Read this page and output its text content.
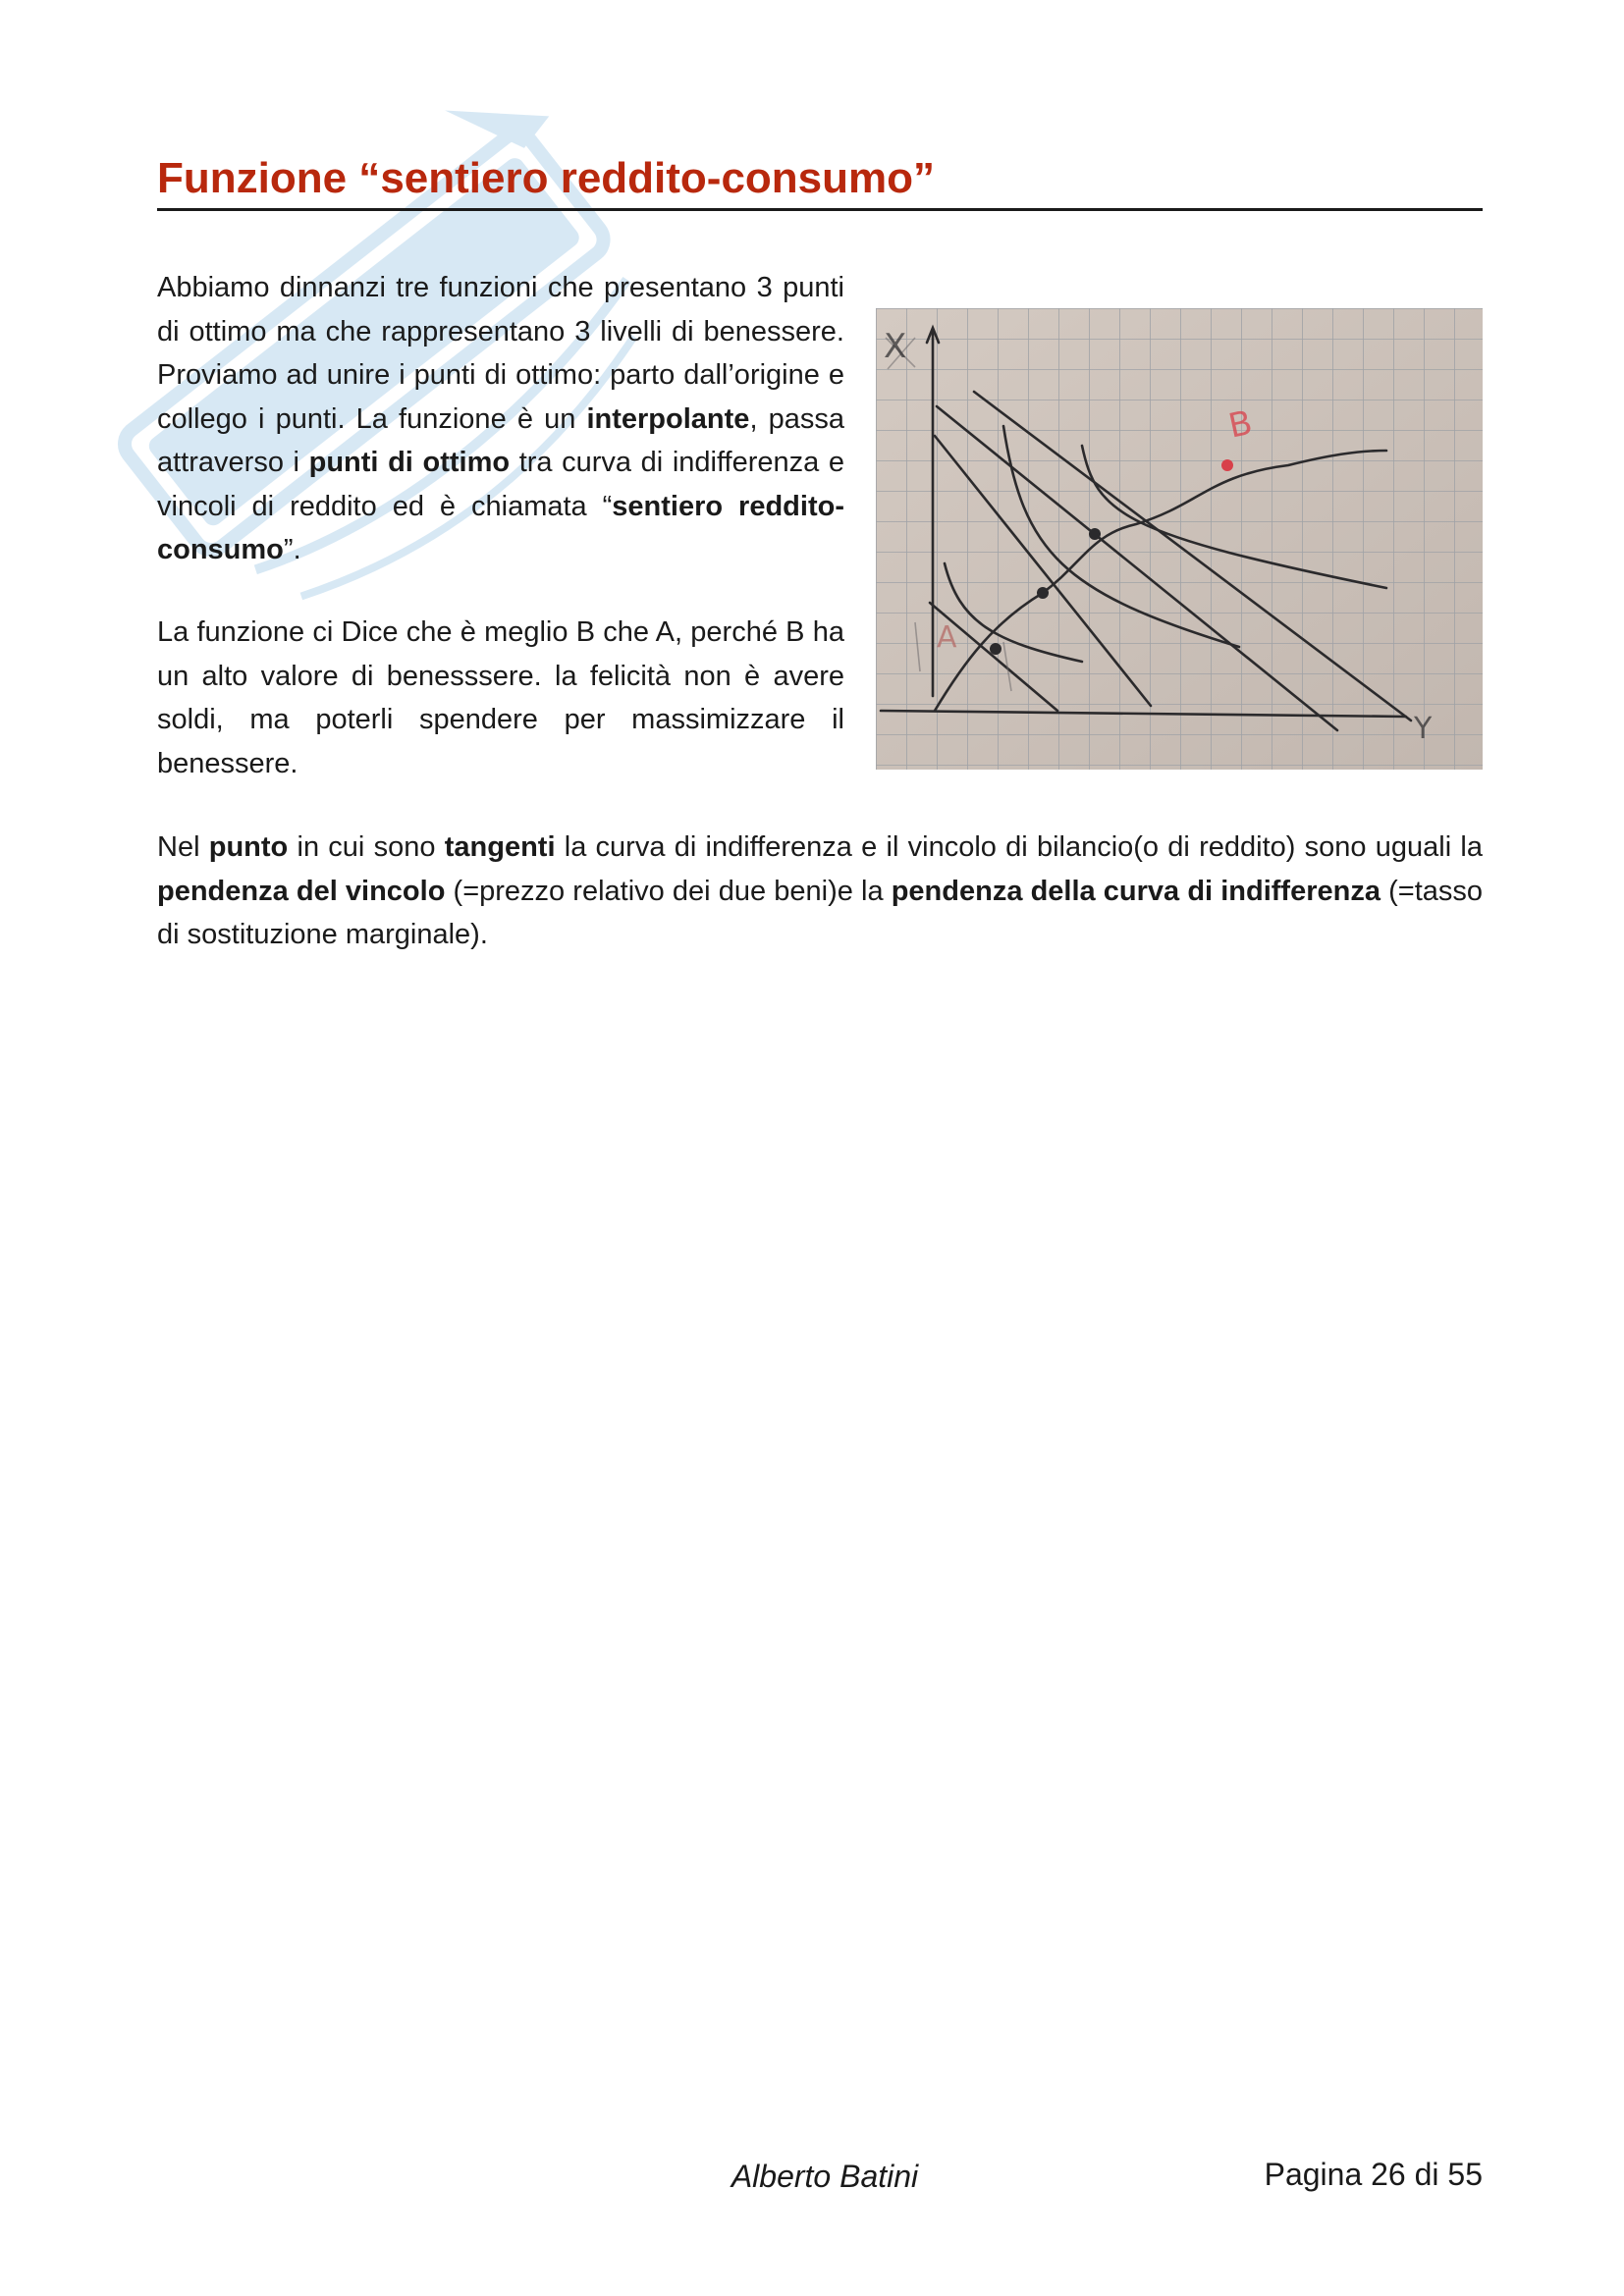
Funzione “sentiero reddito-consumo”

Abbiamo dinnanzi tre funzioni che presentano 3 punti di ottimo ma che rappresentano 3 livelli di benessere. Proviamo ad unire i punti di ottimo: parto dall’origine e collego i punti. La funzione è un interpolante, passa attraverso i punti di ottimo tra curva di indifferenza e vincoli di reddito ed è chiamata “sentiero reddito-consumo”.

La funzione ci Dice che è meglio B che A, perché B ha un alto valore di benesssere. la felicità non è avere soldi, ma poterli spendere per massimizzare il benessere.

A
B
X
Y

Nel punto in cui sono tangenti la curva di indifferenza e il vincolo di bilancio(o di reddito) sono uguali la pendenza del vincolo (=prezzo relativo dei due beni)e la pendenza della curva di indifferenza (=tasso di sostituzione marginale).

Alberto Batini	Pagina 26 di 55
